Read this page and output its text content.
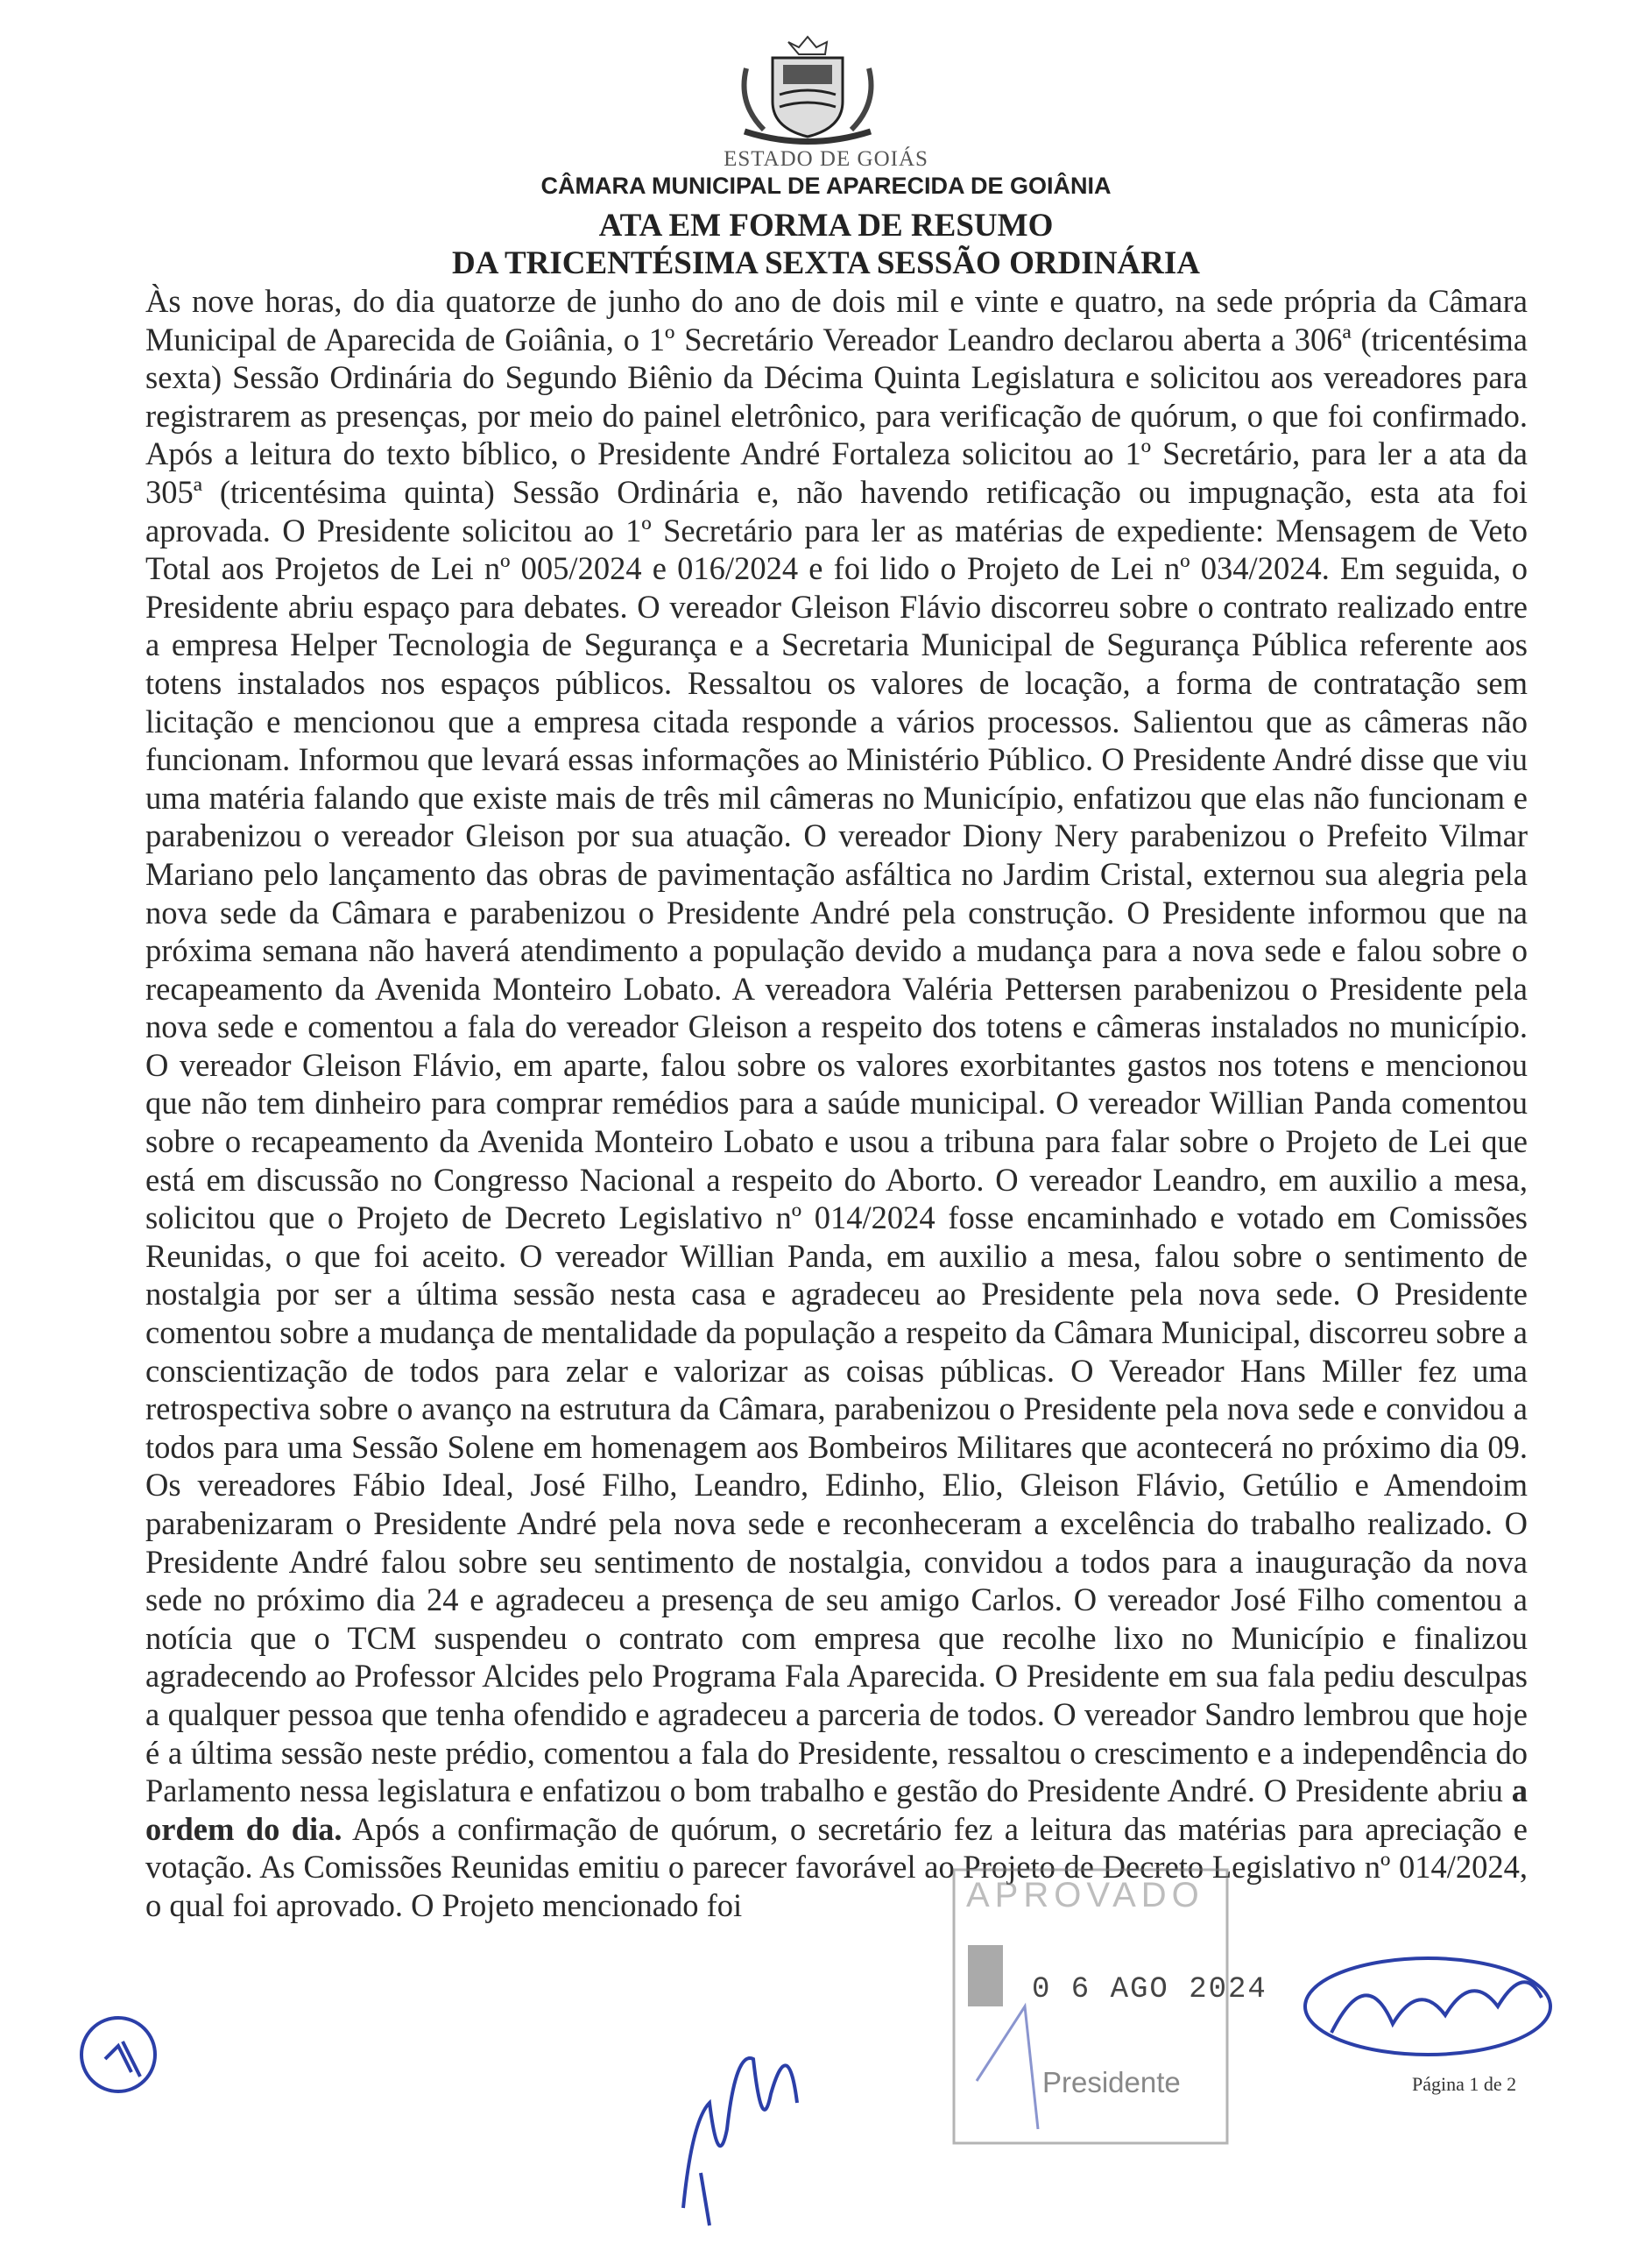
ESTADO DE GOIÁS
CÂMARA MUNICIPAL DE APARECIDA DE GOIÂNIA
ATA EM FORMA DE RESUMO
DA TRICENTÉSIMA SEXTA SESSÃO ORDINÁRIA
Às nove horas, do dia quatorze de junho do ano de dois mil e vinte e quatro, na sede própria da Câmara Municipal de Aparecida de Goiânia, o 1º Secretário Vereador Leandro declarou aberta a 306ª (tricentésima sexta) Sessão Ordinária do Segundo Biênio da Décima Quinta Legislatura e solicitou aos vereadores para registrarem as presenças, por meio do painel eletrônico, para verificação de quórum, o que foi confirmado. Após a leitura do texto bíblico, o Presidente André Fortaleza solicitou ao 1º Secretário, para ler a ata da 305ª (tricentésima quinta) Sessão Ordinária e, não havendo retificação ou impugnação, esta ata foi aprovada. O Presidente solicitou ao 1º Secretário para ler as matérias de expediente: Mensagem de Veto Total aos Projetos de Lei nº 005/2024 e 016/2024 e foi lido o Projeto de Lei nº 034/2024. Em seguida, o Presidente abriu espaço para debates. O vereador Gleison Flávio discorreu sobre o contrato realizado entre a empresa Helper Tecnologia de Segurança e a Secretaria Municipal de Segurança Pública referente aos totens instalados nos espaços públicos. Ressaltou os valores de locação, a forma de contratação sem licitação e mencionou que a empresa citada responde a vários processos. Salientou que as câmeras não funcionam. Informou que levará essas informações ao Ministério Público. O Presidente André disse que viu uma matéria falando que existe mais de três mil câmeras no Município, enfatizou que elas não funcionam e parabenizou o vereador Gleison por sua atuação. O vereador Diony Nery parabenizou o Prefeito Vilmar Mariano pelo lançamento das obras de pavimentação asfáltica no Jardim Cristal, externou sua alegria pela nova sede da Câmara e parabenizou o Presidente André pela construção. O Presidente informou que na próxima semana não haverá atendimento a população devido a mudança para a nova sede e falou sobre o recapeamento da Avenida Monteiro Lobato. A vereadora Valéria Pettersen parabenizou o Presidente pela nova sede e comentou a fala do vereador Gleison a respeito dos totens e câmeras instalados no município. O vereador Gleison Flávio, em aparte, falou sobre os valores exorbitantes gastos nos totens e mencionou que não tem dinheiro para comprar remédios para a saúde municipal. O vereador Willian Panda comentou sobre o recapeamento da Avenida Monteiro Lobato e usou a tribuna para falar sobre o Projeto de Lei que está em discussão no Congresso Nacional a respeito do Aborto. O vereador Leandro, em auxilio a mesa, solicitou que o Projeto de Decreto Legislativo nº 014/2024 fosse encaminhado e votado em Comissões Reunidas, o que foi aceito. O vereador Willian Panda, em auxilio a mesa, falou sobre o sentimento de nostalgia por ser a última sessão nesta casa e agradeceu ao Presidente pela nova sede. O Presidente comentou sobre a mudança de mentalidade da população a respeito da Câmara Municipal, discorreu sobre a conscientização de todos para zelar e valorizar as coisas públicas. O Vereador Hans Miller fez uma retrospectiva sobre o avanço na estrutura da Câmara, parabenizou o Presidente pela nova sede e convidou a todos para uma Sessão Solene em homenagem aos Bombeiros Militares que acontecerá no próximo dia 09. Os vereadores Fábio Ideal, José Filho, Leandro, Edinho, Elio, Gleison Flávio, Getúlio e Amendoim parabenizaram o Presidente André pela nova sede e reconheceram a excelência do trabalho realizado. O Presidente André falou sobre seu sentimento de nostalgia, convidou a todos para a inauguração da nova sede no próximo dia 24 e agradeceu a presença de seu amigo Carlos. O vereador José Filho comentou a notícia que o TCM suspendeu o contrato com empresa que recolhe lixo no Município e finalizou agradecendo ao Professor Alcides pelo Programa Fala Aparecida. O Presidente em sua fala pediu desculpas a qualquer pessoa que tenha ofendido e agradeceu a parceria de todos. O vereador Sandro lembrou que hoje é a última sessão neste prédio, comentou a fala do Presidente, ressaltou o crescimento e a independência do Parlamento nessa legislatura e enfatizou o bom trabalho e gestão do Presidente André. O Presidente abriu a ordem do dia. Após a confirmação de quórum, o secretário fez a leitura das matérias para apreciação e votação. As Comissões Reunidas emitiu o parecer favorável ao Projeto de Decreto Legislativo nº 014/2024, o qual foi aprovado. O Projeto mencionado foi	APROVADO
0 6 AGO 2024
Presidente	Página 1 de 2
